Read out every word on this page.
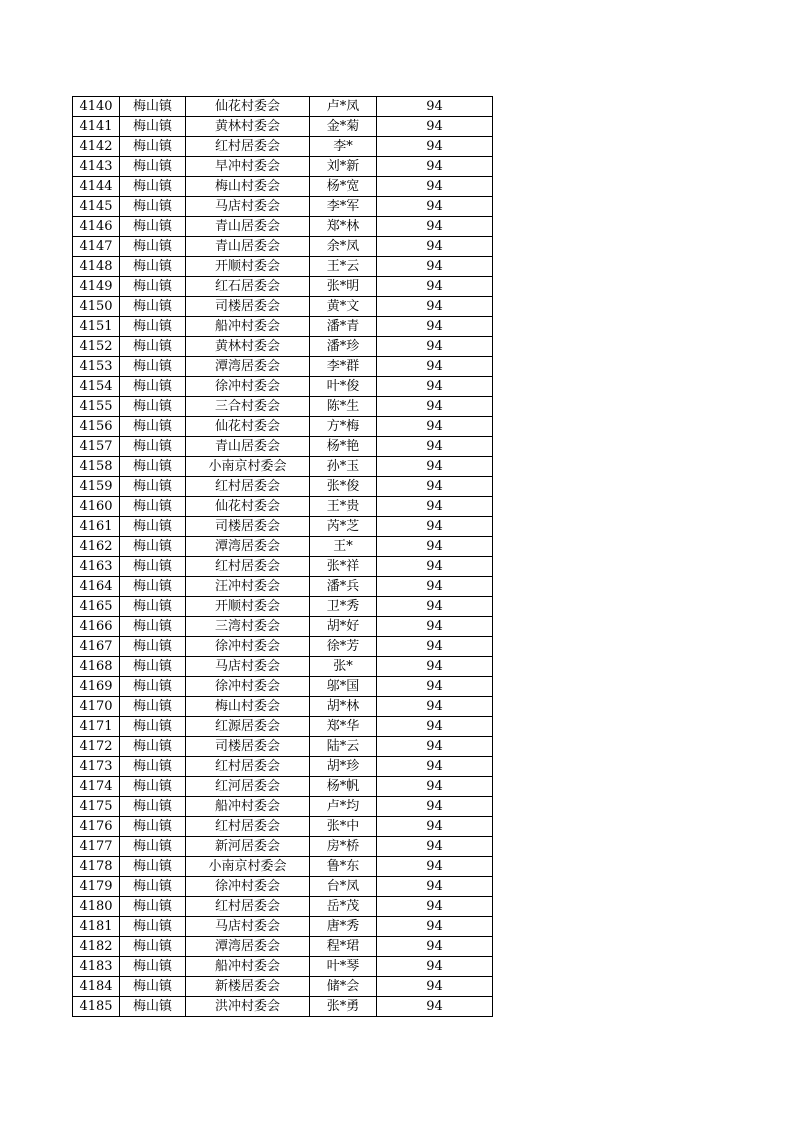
4140	梅山镇	仙花村委会	卢*凤	94
4141	梅山镇	黄林村委会	金*菊	94
4142	梅山镇	红村居委会	李*	94
4143	梅山镇	早冲村委会	刘*新	94
4144	梅山镇	梅山村委会	杨*宽	94
4145	梅山镇	马店村委会	李*军	94
4146	梅山镇	青山居委会	郑*林	94
4147	梅山镇	青山居委会	余*凤	94
4148	梅山镇	开顺村委会	王*云	94
4149	梅山镇	红石居委会	张*明	94
4150	梅山镇	司楼居委会	黄*文	94
4151	梅山镇	船冲村委会	潘*青	94
4152	梅山镇	黄林村委会	潘*珍	94
4153	梅山镇	潭湾居委会	李*群	94
4154	梅山镇	徐冲村委会	叶*俊	94
4155	梅山镇	三合村委会	陈*生	94
4156	梅山镇	仙花村委会	方*梅	94
4157	梅山镇	青山居委会	杨*艳	94
4158	梅山镇	小南京村委会	孙*玉	94
4159	梅山镇	红村居委会	张*俊	94
4160	梅山镇	仙花村委会	王*贵	94
4161	梅山镇	司楼居委会	芮*芝	94
4162	梅山镇	潭湾居委会	王*	94
4163	梅山镇	红村居委会	张*祥	94
4164	梅山镇	汪冲村委会	潘*兵	94
4165	梅山镇	开顺村委会	卫*秀	94
4166	梅山镇	三湾村委会	胡*好	94
4167	梅山镇	徐冲村委会	徐*芳	94
4168	梅山镇	马店村委会	张*	94
4169	梅山镇	徐冲村委会	邬*国	94
4170	梅山镇	梅山村委会	胡*林	94
4171	梅山镇	红源居委会	郑*华	94
4172	梅山镇	司楼居委会	陆*云	94
4173	梅山镇	红村居委会	胡*珍	94
4174	梅山镇	红河居委会	杨*帆	94
4175	梅山镇	船冲村委会	卢*均	94
4176	梅山镇	红村居委会	张*中	94
4177	梅山镇	新河居委会	房*桥	94
4178	梅山镇	小南京村委会	鲁*东	94
4179	梅山镇	徐冲村委会	台*凤	94
4180	梅山镇	红村居委会	岳*茂	94
4181	梅山镇	马店村委会	唐*秀	94
4182	梅山镇	潭湾居委会	程*珺	94
4183	梅山镇	船冲村委会	叶*琴	94
4184	梅山镇	新楼居委会	储*会	94
4185	梅山镇	洪冲村委会	张*勇	94
